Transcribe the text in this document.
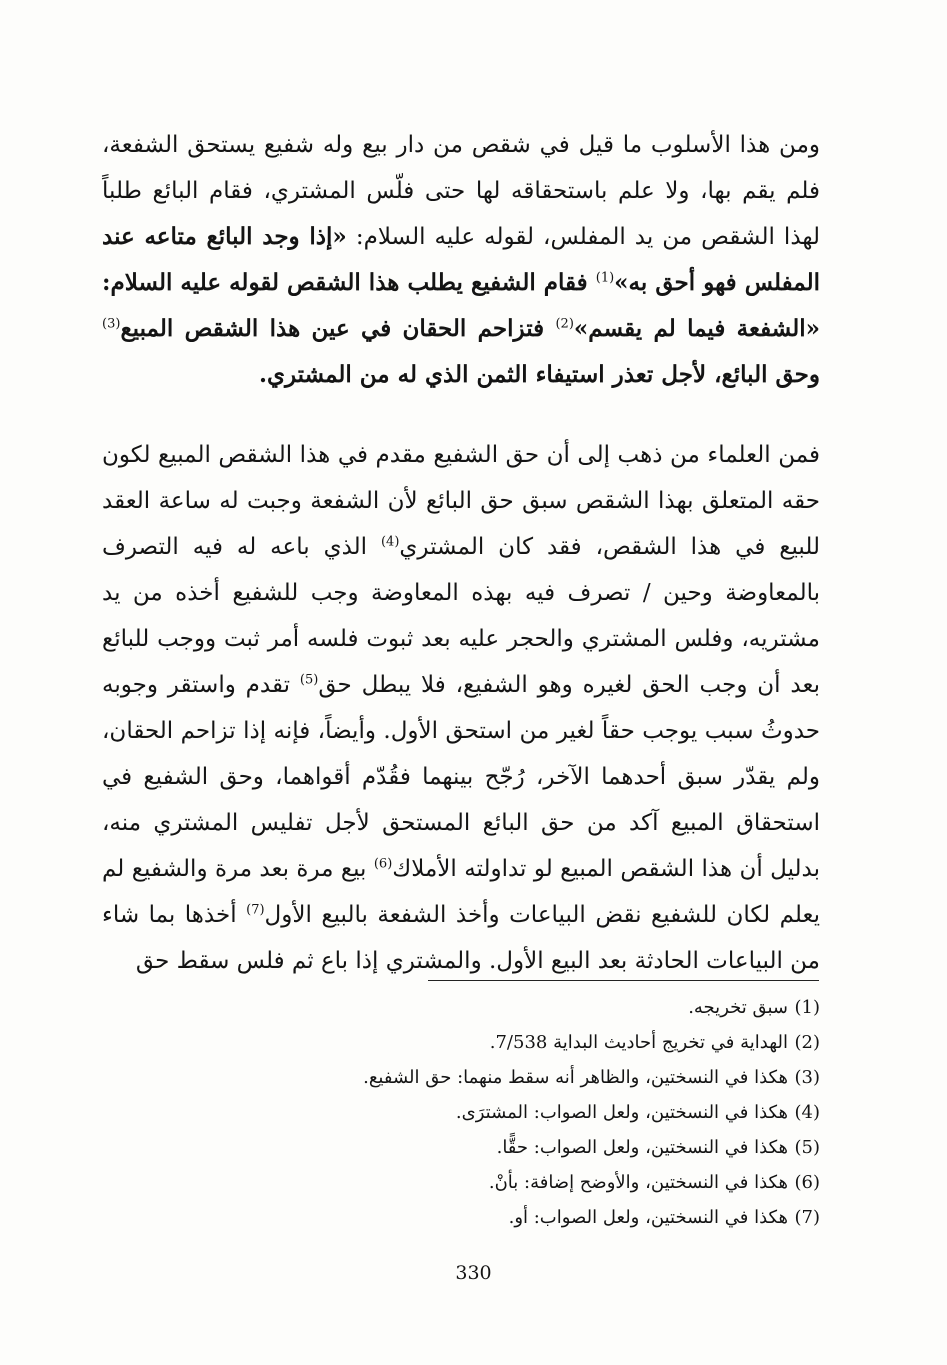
ومن هذا الأسلوب ما قيل في شقص من دار بيع وله شفيع يستحق الشفعة، فلم يقم بها، ولا علم باستحقاقه لها حتى فلّس المشتري، فقام البائع طلباً لهذا الشقص من يد المفلس، لقوله عليه السلام: «إذا وجد البائع متاعه عند المفلس فهو أحق به»$^{(1)}$ فقام الشفيع يطلب هذا الشقص لقوله عليه السلام: «الشفعة فيما لم يقسم»$^{(2)}$ فتزاحم الحقان في عين هذا الشقص المبيع$^{(3)}$ وحق البائع، لأجل تعذر استيفاء الثمن الذي له من المشتري.

فمن العلماء من ذهب إلى أن حق الشفيع مقدم في هذا الشقص المبيع لكون حقه المتعلق بهذا الشقص سبق حق البائع لأن الشفعة وجبت له ساعة العقد للبيع في هذا الشقص، فقد كان المشتري$^{(4)}$ الذي باعه له فيه التصرف بالمعاوضة وحين / تصرف فيه بهذه المعاوضة وجب للشفيع أخذه من يد مشتريه، وفلس المشتري والحجر عليه بعد ثبوت فلسه أمر ثبت ووجب للبائع بعد أن وجب الحق لغيره وهو الشفيع، فلا يبطل حق$^{(5)}$ تقدم واستقر وجوبه حدوثُ سبب يوجب حقاً لغير من استحق الأول. وأيضاً، فإنه إذا تزاحم الحقان، ولم يقدّر سبق أحدهما الآخر، رُجّح بينهما فقُدّم أقواهما، وحق الشفيع في استحقاق المبيع آكد من حق البائع المستحق لأجل تفليس المشتري منه، بدليل أن هذا الشقص المبيع لو تداولته الأملاك$^{(6)}$ بيع مرة بعد مرة والشفيع لم يعلم لكان للشفيع نقض البياعات وأخذ الشفعة بالبيع الأول$^{(7)}$ أخذها بما شاء من البياعات الحادثة بعد البيع الأول. والمشتري إذا باع ثم فلس سقط حق

(1)سبق تخريجه.
(2)الهداية في تخريج أحاديث البداية 7/538.
(3)هكذا في النسختين، والظاهر أنه سقط منهما: حق الشفيع.
(4)هكذا في النسختين، ولعل الصواب: المشترَى.
(5)هكذا في النسختين، ولعل الصواب: حقًّا.
(6)هكذا في النسختين، والأوضح إضافة: بأنْ.
(7)هكذا في النسختين، ولعل الصواب: أو.
330
